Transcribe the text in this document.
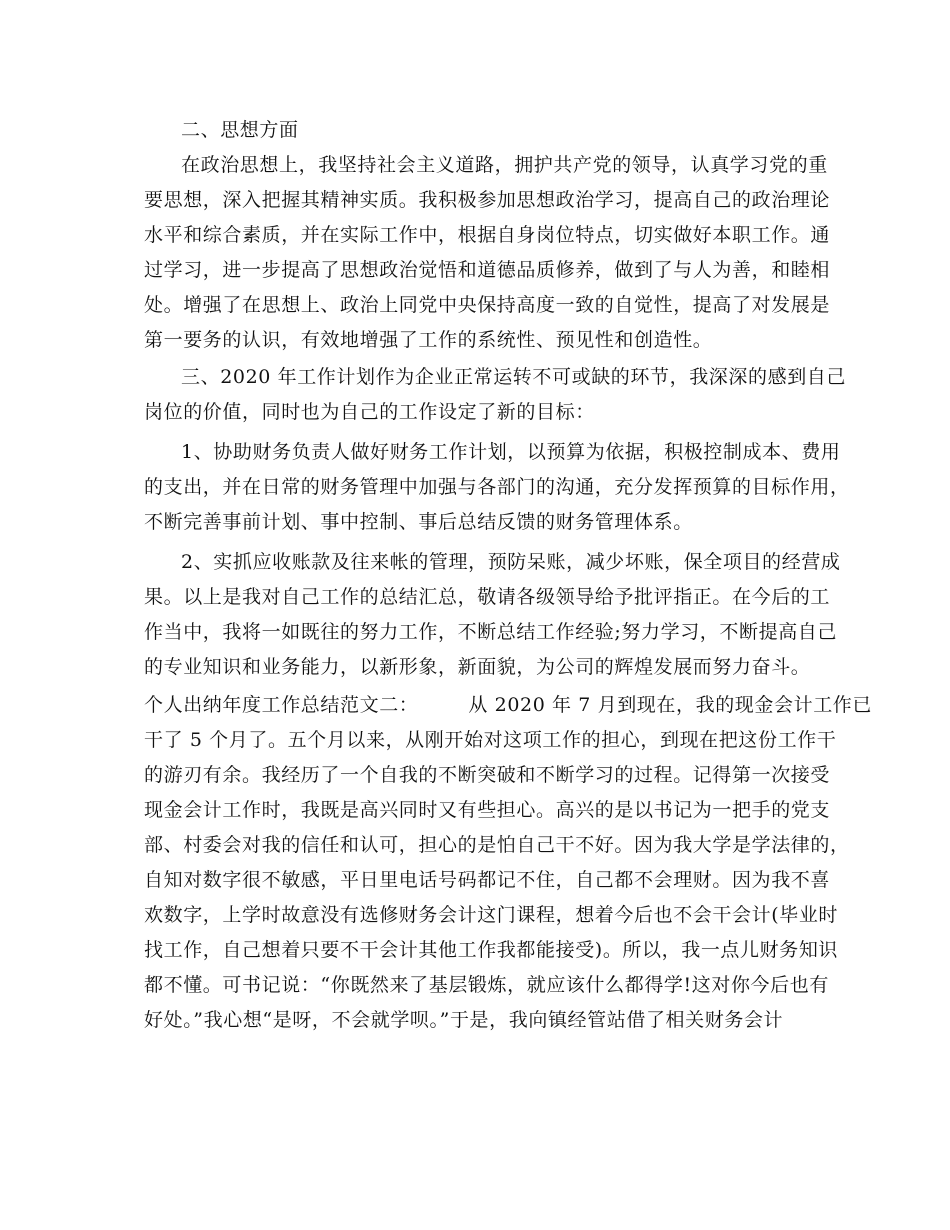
二、思想方面
在政治思想上，我坚持社会主义道路，拥护共产党的领导，认真学习党的重
要思想，深入把握其精神实质。我积极参加思想政治学习，提高自己的政治理论
水平和综合素质，并在实际工作中，根据自身岗位特点，切实做好本职工作。通
过学习，进一步提高了思想政治觉悟和道德品质修养，做到了与人为善，和睦相
处。增强了在思想上、政治上同党中央保持高度一致的自觉性，提高了对发展是
第一要务的认识，有效地增强了工作的系统性、预见性和创造性。
三、2020 年工作计划作为企业正常运转不可或缺的环节，我深深的感到自己
岗位的价值，同时也为自己的工作设定了新的目标：
1、协助财务负责人做好财务工作计划，以预算为依据，积极控制成本、费用
的支出，并在日常的财务管理中加强与各部门的沟通，充分发挥预算的目标作用，
不断完善事前计划、事中控制、事后总结反馈的财务管理体系。
2、实抓应收账款及往来帐的管理，预防呆账，减少坏账，保全项目的经营成
果。以上是我对自己工作的总结汇总，敬请各级领导给予批评指正。在今后的工
作当中，我将一如既往的努力工作，不断总结工作经验;努力学习，不断提高自己
的专业知识和业务能力，以新形象，新面貌，为公司的辉煌发展而努力奋斗。
个人出纳年度工作总结范文二：	从 2020 年 7 月到现在，我的现金会计工作已
干了 5 个月了。五个月以来，从刚开始对这项工作的担心，到现在把这份工作干
的游刃有余。我经历了一个自我的不断突破和不断学习的过程。记得第一次接受
现金会计工作时，我既是高兴同时又有些担心。高兴的是以书记为一把手的党支
部、村委会对我的信任和认可，担心的是怕自己干不好。因为我大学是学法律的，
自知对数字很不敏感，平日里电话号码都记不住，自己都不会理财。因为我不喜
欢数字，上学时故意没有选修财务会计这门课程，想着今后也不会干会计(毕业时
找工作，自己想着只要不干会计其他工作我都能接受)。所以，我一点儿财务知识
都不懂。可书记说：“你既然来了基层锻炼，就应该什么都得学!这对你今后也有
好处。”我心想“是呀，不会就学呗。”于是，我向镇经管站借了相关财务会计
